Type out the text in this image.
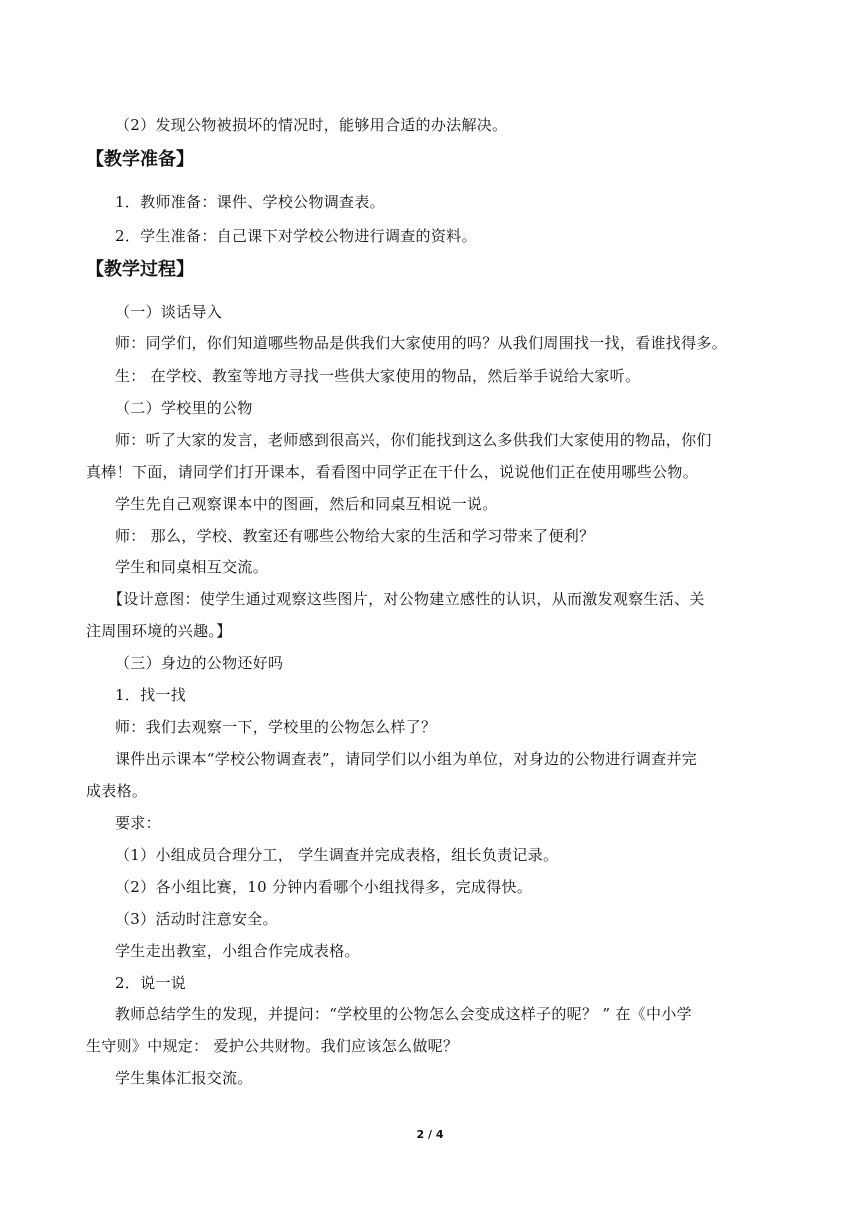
（2）发现公物被损坏的情况时，能够用合适的办法解决。
【教学准备】
1．教师准备：课件、学校公物调查表。
2．学生准备：自己课下对学校公物进行调查的资料。
【教学过程】
（一）谈话导入
师：同学们，你们知道哪些物品是供我们大家使用的吗？从我们周围找一找，看谁找得多。
生： 在学校、教室等地方寻找一些供大家使用的物品，然后举手说给大家听。
（二）学校里的公物
师：听了大家的发言，老师感到很高兴，你们能找到这么多供我们大家使用的物品，你们
真棒！下面，请同学们打开课本，看看图中同学正在干什么，说说他们正在使用哪些公物。
学生先自己观察课本中的图画，然后和同桌互相说一说。
师： 那么，学校、教室还有哪些公物给大家的生活和学习带来了便利？
学生和同桌相互交流。
【设计意图：使学生通过观察这些图片，对公物建立感性的认识，从而激发观察生活、关
注周围环境的兴趣。】
（三）身边的公物还好吗
1．找一找
师：我们去观察一下，学校里的公物怎么样了？
课件出示课本“学校公物调查表”，请同学们以小组为单位，对身边的公物进行调查并完
成表格。
要求：
（1）小组成员合理分工， 学生调查并完成表格，组长负责记录。
（2）各小组比赛，10 分钟内看哪个小组找得多，完成得快。
（3）活动时注意安全。
学生走出教室，小组合作完成表格。
2．说一说
教师总结学生的发现，并提问：“学校里的公物怎么会变成这样子的呢？ ” 在《中小学
生守则》中规定： 爱护公共财物。我们应该怎么做呢？
学生集体汇报交流。
2 / 4
